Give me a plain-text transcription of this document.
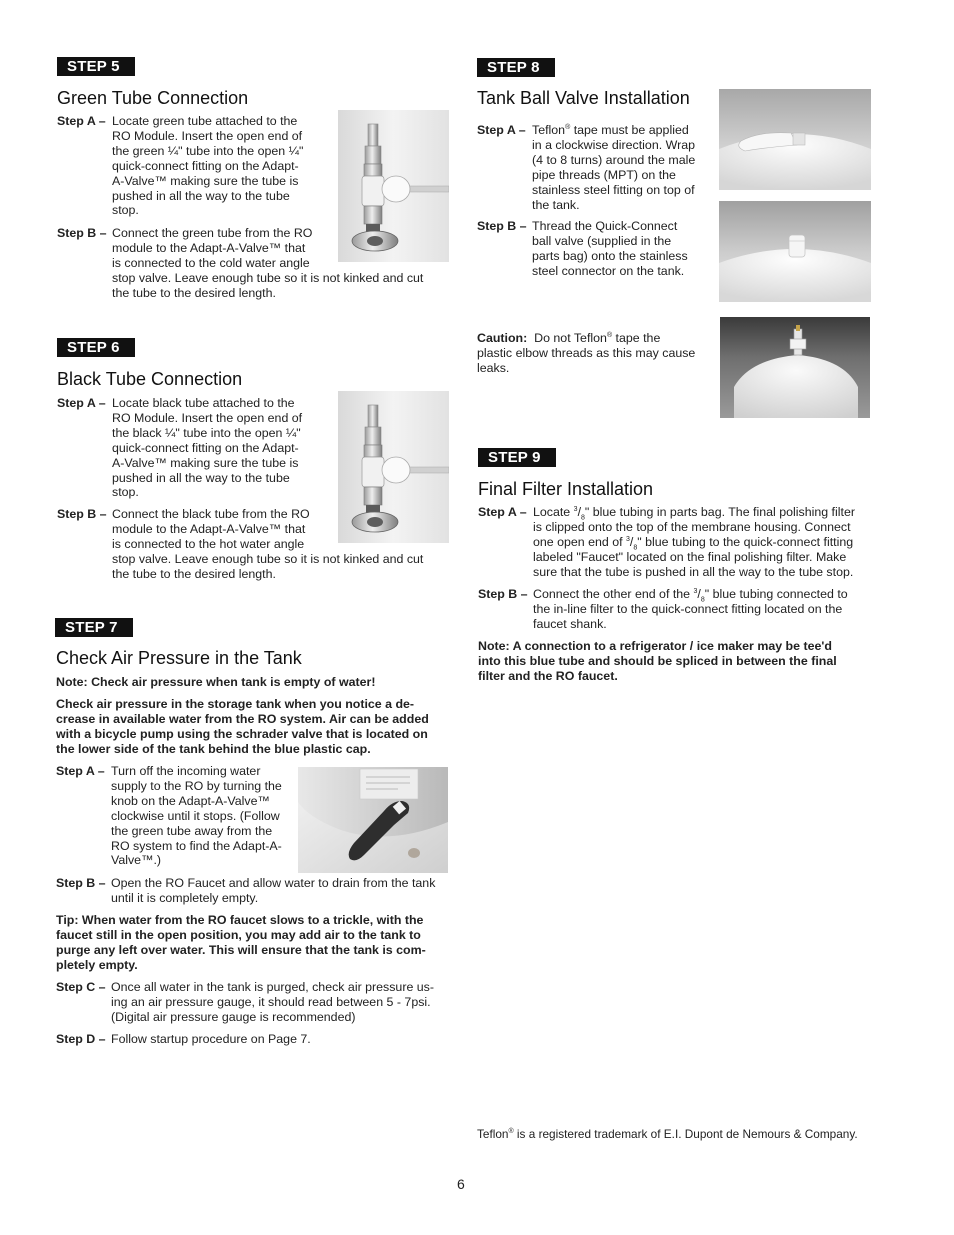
STEP 5
Green Tube Connection
Step A – Locate green tube attached to the
RO Module. Insert the open end of
the green ¼" tube into the open ¼"
quick-connect fitting on the Adapt-
A-Valve™ making sure the tube is
pushed in all the way to the tube
stop.
Step B – Connect the green tube from the RO
module to the Adapt-A-Valve™ that
is connected to the cold water angle
stop valve. Leave enough tube so it is not kinked and cut
the tube to the desired length.
STEP 6
Black Tube Connection
Step A – Locate black tube attached to the
RO Module. Insert the open end of
the black ¼" tube into the open ¼"
quick-connect fitting on the Adapt-
A-Valve™ making sure the tube is
pushed in all the way to the tube
stop.
Step B – Connect the black tube from the RO
module to the Adapt-A-Valve™ that
is connected to the hot water angle
stop valve. Leave enough tube so it is not kinked and cut
the tube to the desired length.
STEP 7
Check Air Pressure in the Tank
Note: Check air pressure when tank is empty of water!
Check air pressure in the storage tank when you notice a de-
crease in available water from the RO system. Air can be added
with a bicycle pump using the schrader valve that is located on
the lower side of the tank behind the blue plastic cap.
Step A – Turn off the incoming water
supply to the RO by turning the
knob on the Adapt-A-Valve™
clockwise until it stops. (Follow
the green tube away from the
RO system to find the Adapt-A-
Valve™.)
Step B – Open the RO Faucet and allow water to drain from the tank until it is completely empty.
Tip: When water from the RO faucet slows to a trickle, with the
faucet still in the open position, you may add air to the tank to
purge any left over water. This will ensure that the tank is com-
pletely empty.
Step C – Once all water in the tank is purged, check air pressure us-
ing an air pressure gauge, it should read between 5 - 7psi.
(Digital air pressure gauge is recommended)
Step D – Follow startup procedure on Page 7.
STEP 8
Tank Ball Valve Installation
Step A – Teflon® tape must be applied
in a clockwise direction. Wrap
(4 to 8 turns) around the male
pipe threads (MPT) on the
stainless steel fitting on top of
the tank.
Step B – Thread the Quick-Connect
ball valve (supplied in the
parts bag) onto the stainless
steel connector on the tank.
Caution:  Do not Teflon® tape the
plastic elbow threads as this may cause
leaks.
STEP 9
Final Filter Installation
Step A – Locate $^3/_8$" blue tubing in parts bag. The final polishing filter
is clipped onto the top of the membrane housing. Connect
one open end of $^3/_8$" blue tubing to the quick-connect fitting
labeled "Faucet" located on the final polishing filter. Make
sure that the tube is pushed in all the way to the tube stop.
Step B – Connect the other end of the $^3/_8$" blue tubing connected to
the in-line filter to the quick-connect fitting located on the
faucet shank.
Note: A connection to a refrigerator / ice maker may be tee'd
into this blue tube and should be spliced in between the final
filter and the RO faucet.
Teflon® is a registered trademark of E.I. Dupont de Nemours & Company.
6
